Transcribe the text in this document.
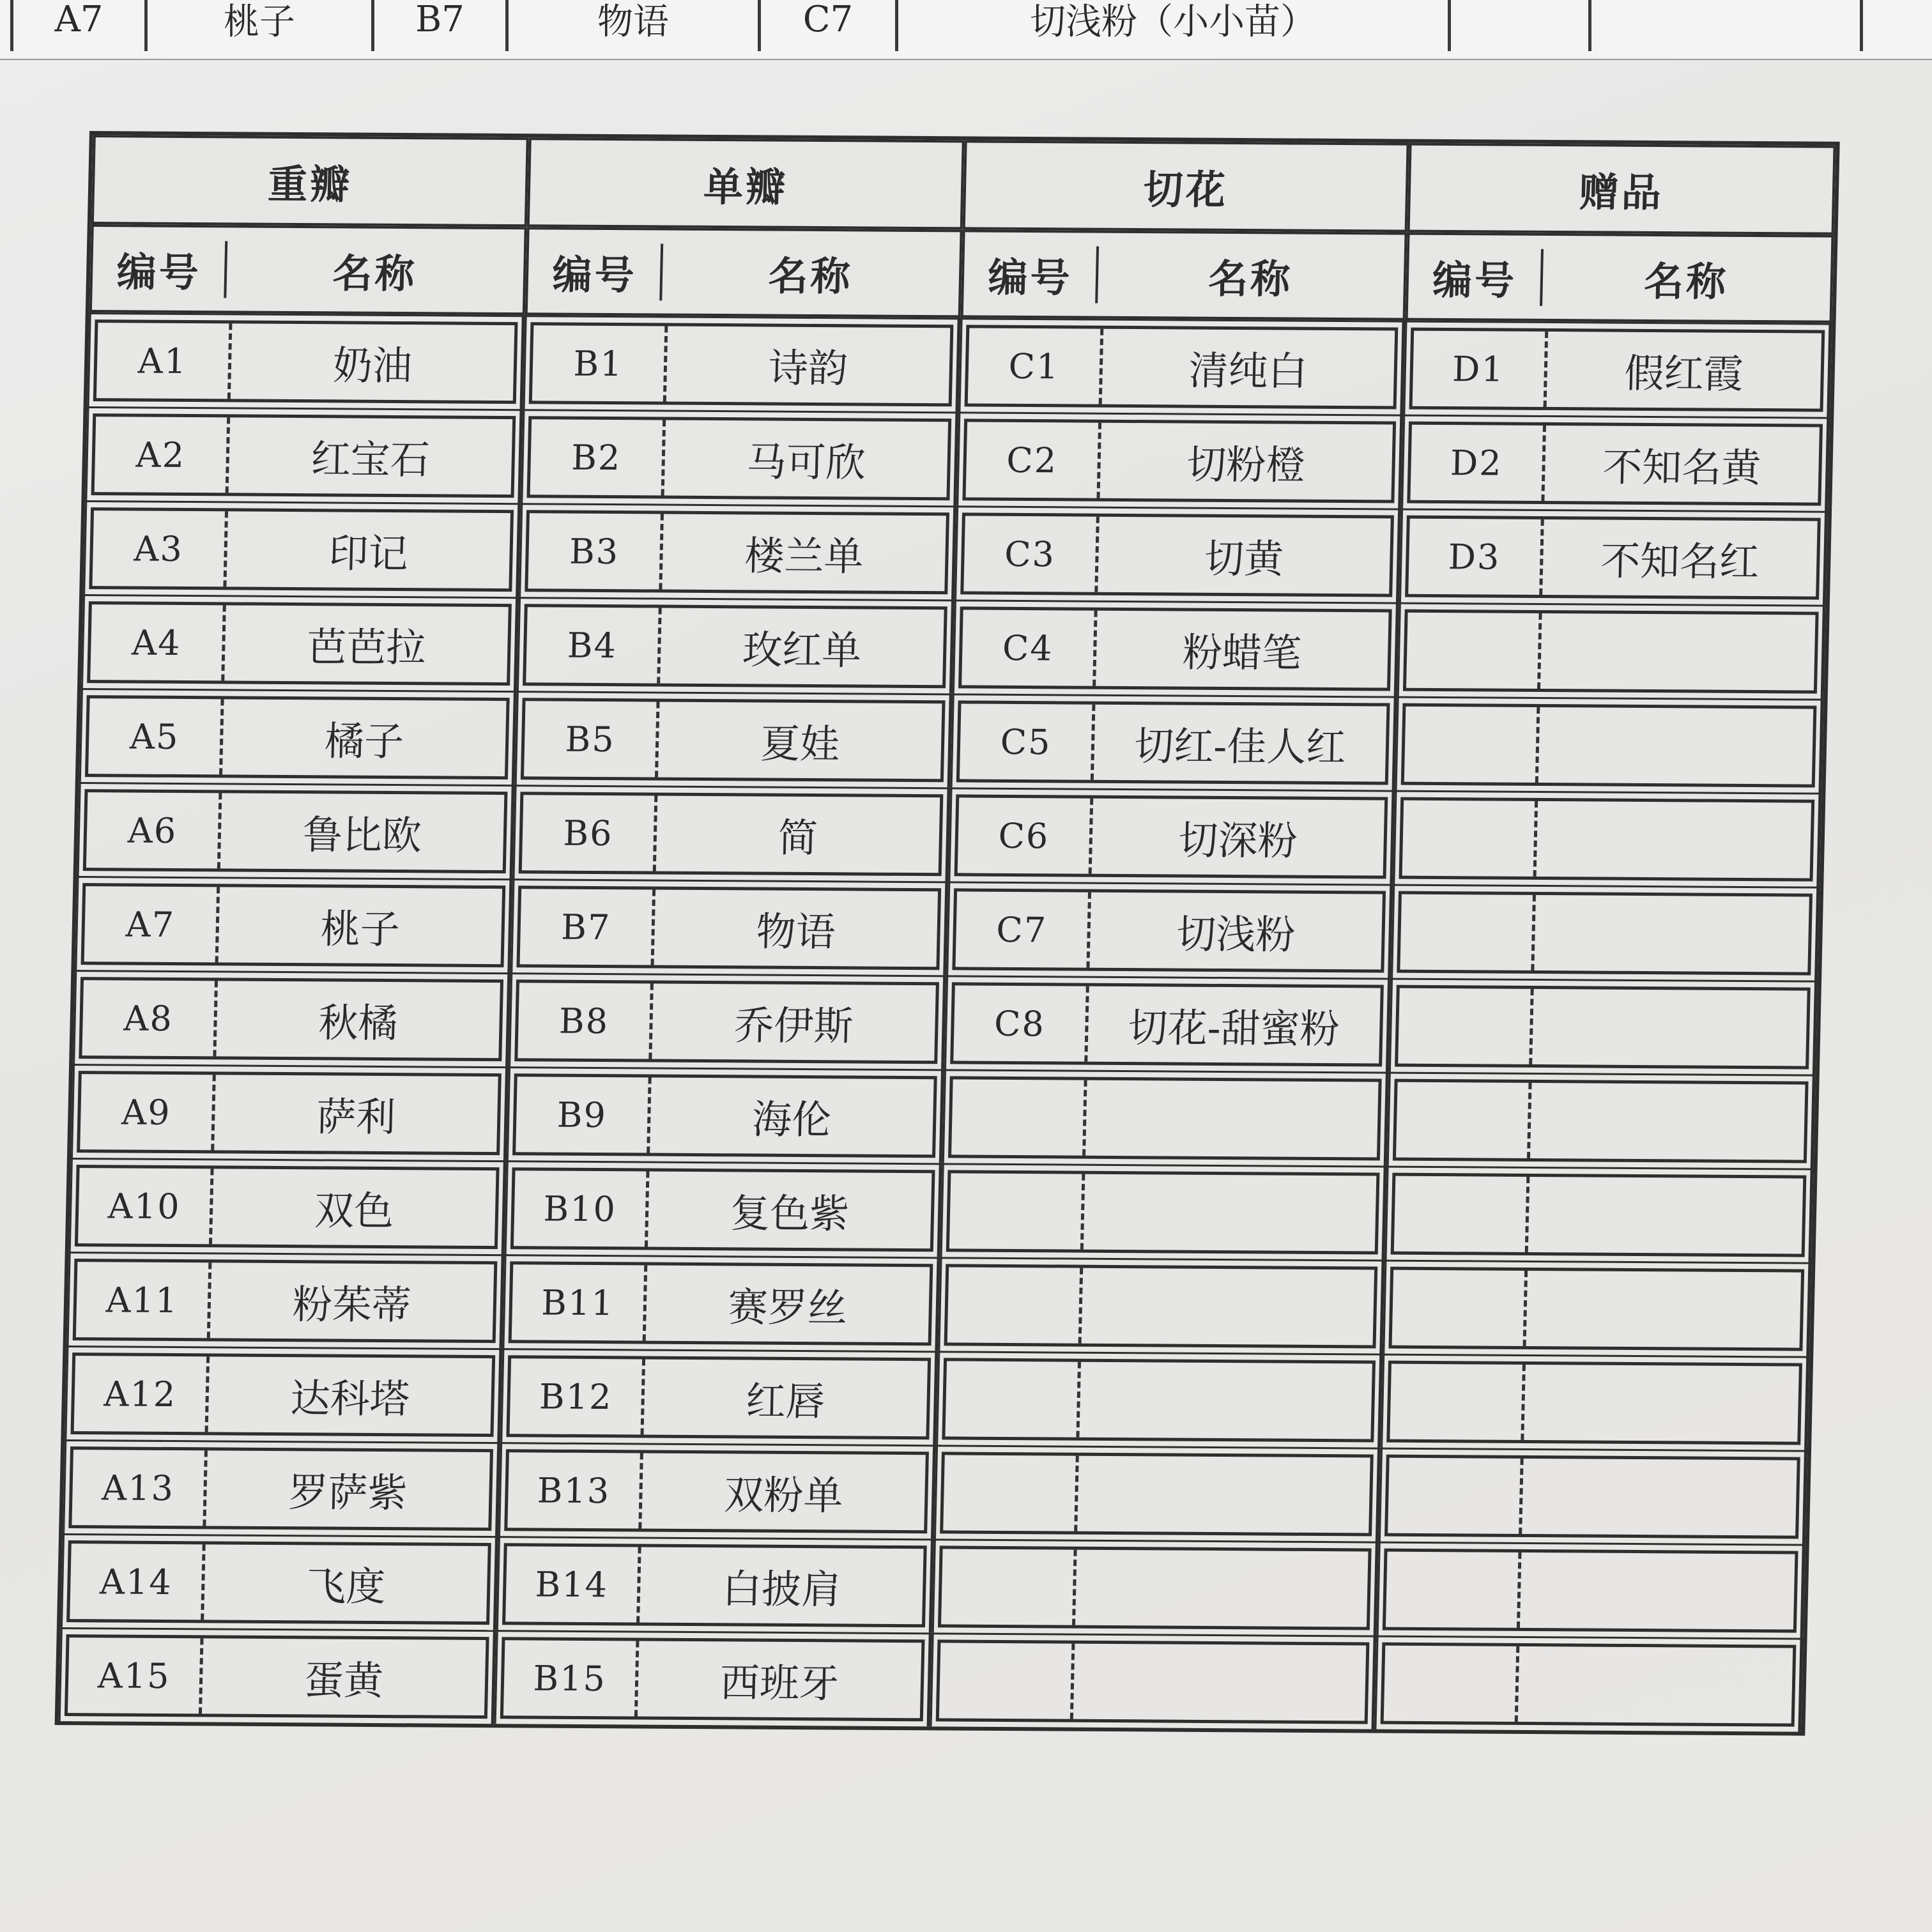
A7	桃子	B7	物语	C7	切浅粉（小小苗）		
重瓣	单瓣	切花	赠品

编号 名称	编号 名称	编号 名称	编号 名称

A1 奶油	B1 诗韵	C1 清纯白	D1 假红霞

A2 红宝石	B2 马可欣	C2 切粉橙	D2 不知名黄

A3 印记	B3 楼兰单	C3 切黄	D3 不知名红

A4 芭芭拉	B4 玫红单	C4 粉蜡笔	

A5 橘子	B5 夏娃	C5 切红-佳人红	

A6 鲁比欧	B6 简	C6 切深粉	

A7 桃子	B7 物语	C7 切浅粉	

A8 秋橘	B8 乔伊斯	C8 切花-甜蜜粉	

A9 萨利	B9 海伦		

A10 双色	B10 复色紫		

A11 粉茱蒂	B11 赛罗丝		

A12 达科塔	B12 红唇		

A13 罗萨紫	B13 双粉单		

A14 飞度	B14 白披肩		

A15 蛋黄	B15 西班牙		
